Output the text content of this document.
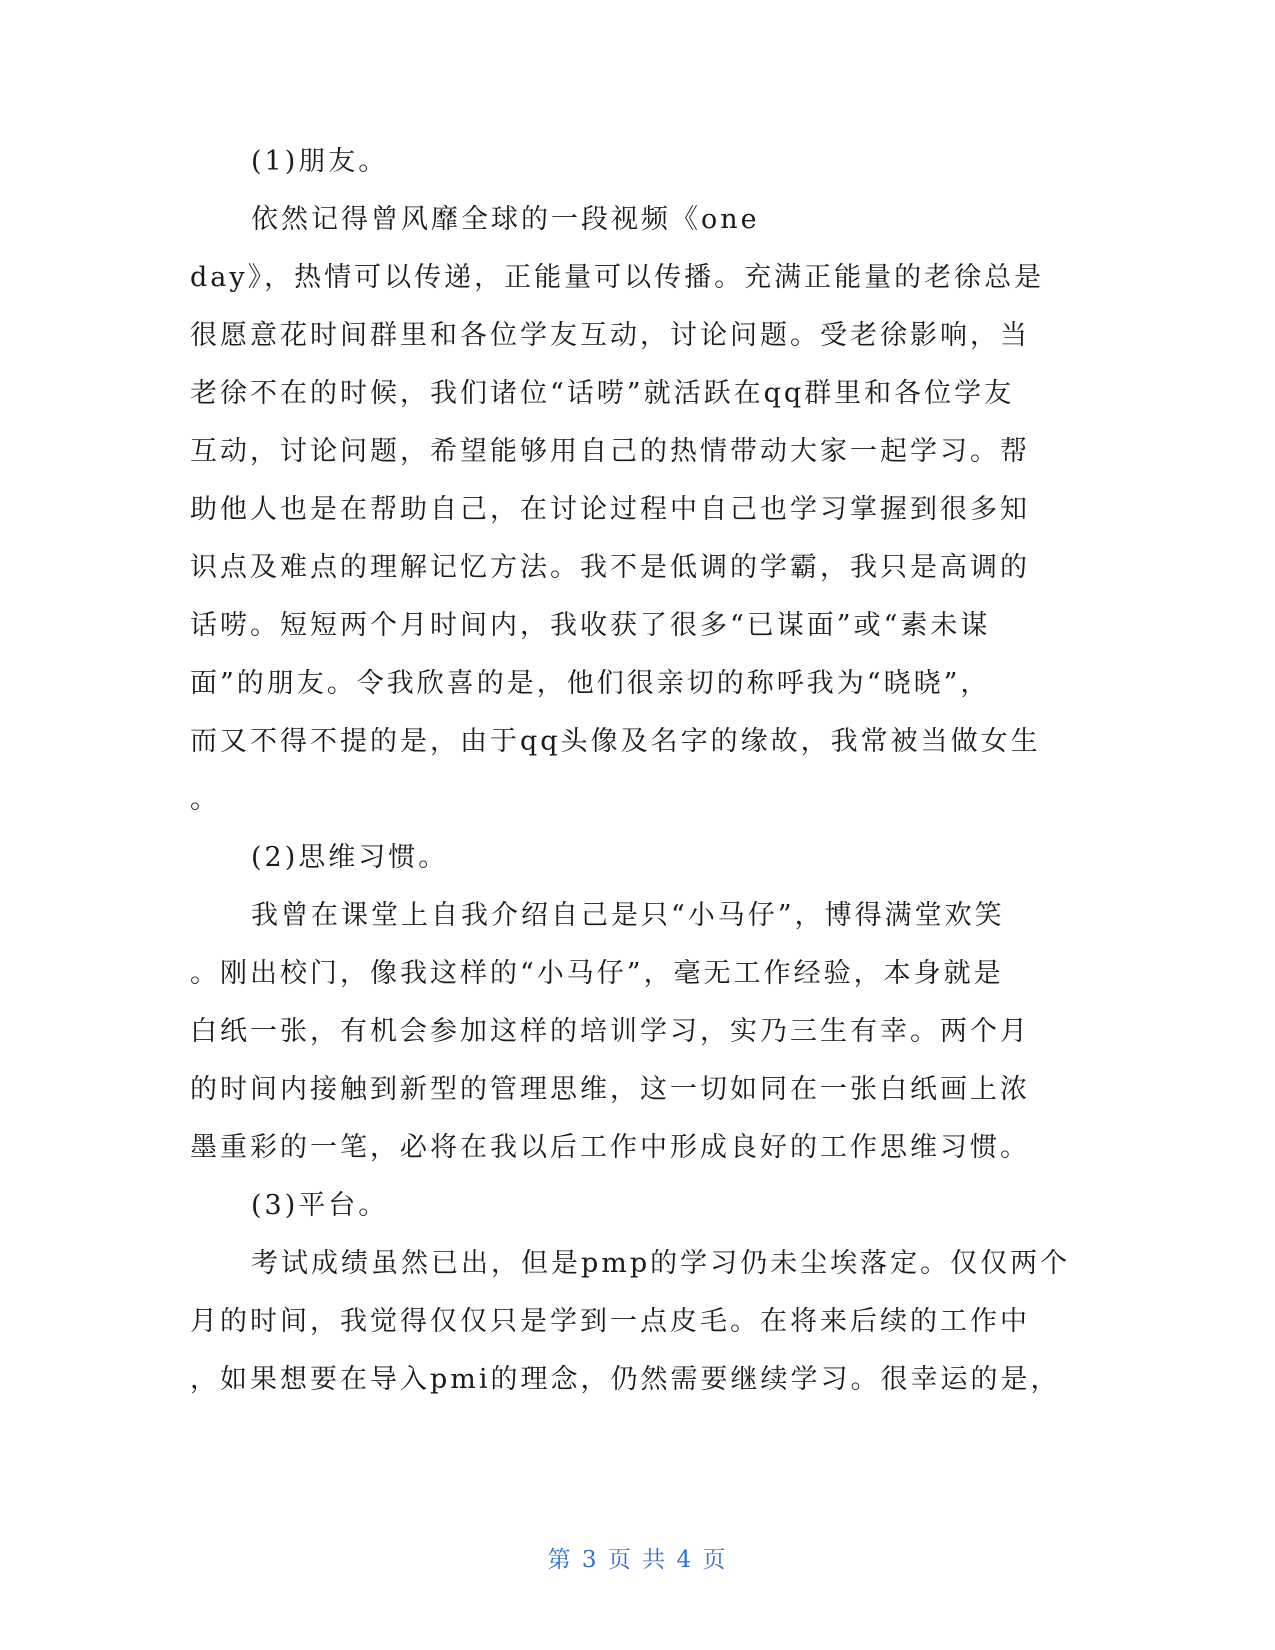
(1)朋友。

依然记得曾风靡全球的一段视频《one

day》，热情可以传递，正能量可以传播。充满正能量的老徐总是

很愿意花时间群里和各位学友互动，讨论问题。受老徐影响，当

老徐不在的时候，我们诸位“话唠”就活跃在qq群里和各位学友

互动，讨论问题，希望能够用自己的热情带动大家一起学习。帮

助他人也是在帮助自己，在讨论过程中自己也学习掌握到很多知

识点及难点的理解记忆方法。我不是低调的学霸，我只是高调的

话唠。短短两个月时间内，我收获了很多“已谋面”或“素未谋

面”的朋友。令我欣喜的是，他们很亲切的称呼我为“晓晓”，

而又不得不提的是，由于qq头像及名字的缘故，我常被当做女生

。

(2)思维习惯。

我曾在课堂上自我介绍自己是只“小马仔”，博得满堂欢笑

。刚出校门，像我这样的“小马仔”，毫无工作经验，本身就是

白纸一张，有机会参加这样的培训学习，实乃三生有幸。两个月

的时间内接触到新型的管理思维，这一切如同在一张白纸画上浓

墨重彩的一笔，必将在我以后工作中形成良好的工作思维习惯。

(3)平台。

考试成绩虽然已出，但是pmp的学习仍未尘埃落定。仅仅两个

月的时间，我觉得仅仅只是学到一点皮毛。在将来后续的工作中

，如果想要在导入pmi的理念，仍然需要继续学习。很幸运的是，

第 3 页 共 4 页
